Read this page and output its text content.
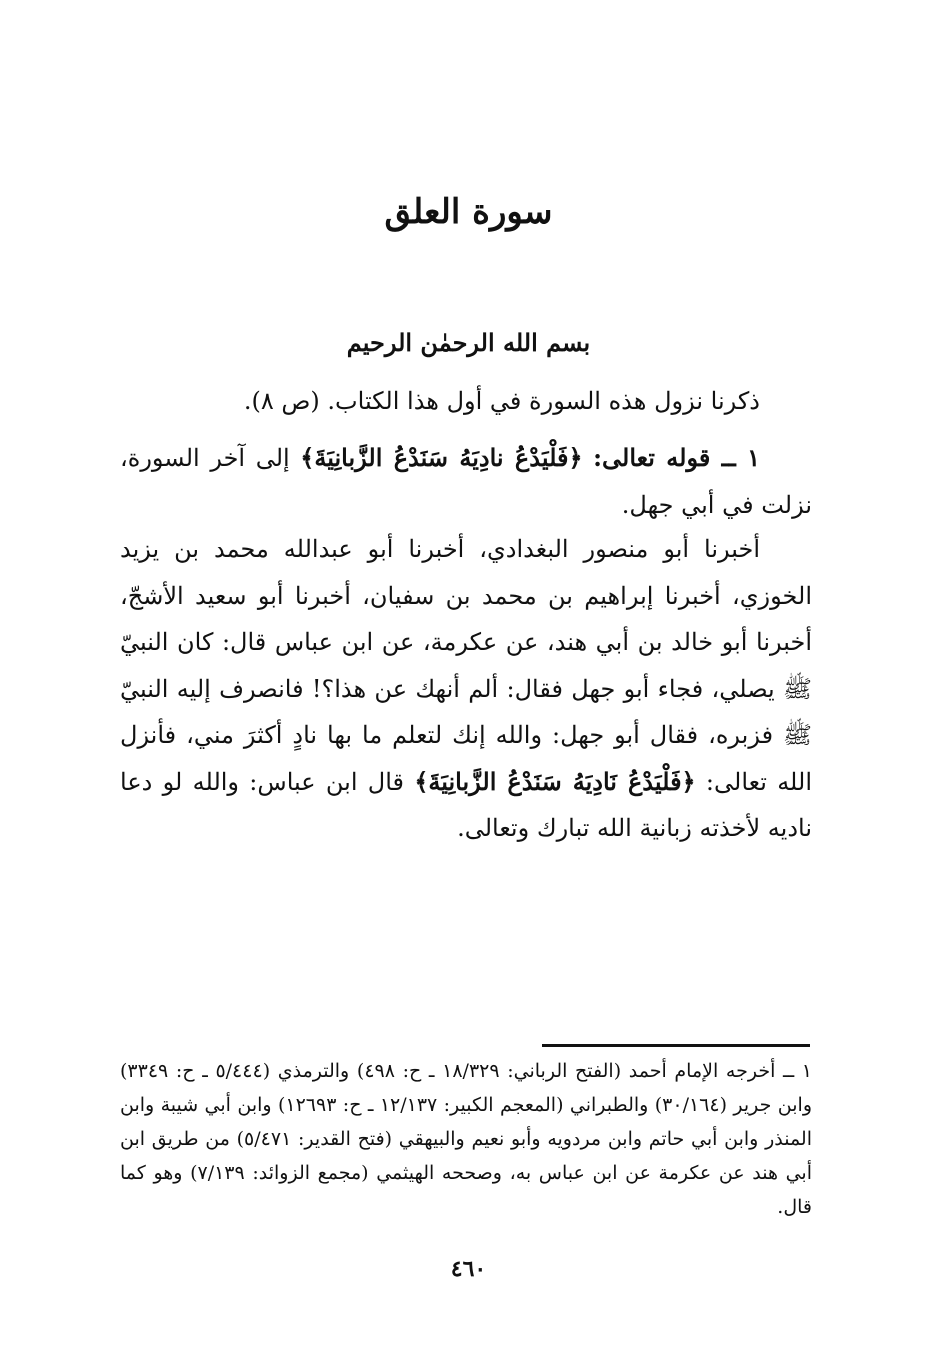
سورة العلق
بسم الله الرحمٰن الرحيم

ذكرنا نزول هذه السورة في أول هذا الكتاب. (ص ٨).

١ ــ قوله تعالى: ﴿فَلْيَدْعُ نادِيَهُ سَنَدْعُ الزَّبانِيَةَ﴾ إلى آخر السورة، نزلت في أبي جهل.

أخبرنا أبو منصور البغدادي، أخبرنا أبو عبدالله محمد بن يزيد الخوزي، أخبرنا إبراهيم بن محمد بن سفيان، أخبرنا أبو سعيد الأشجّ، أخبرنا أبو خالد بن أبي هند، عن عكرمة، عن ابن عباس قال: كان النبيّ ﷺ يصلي، فجاء أبو جهل فقال: ألم أنهك عن هذا؟! فانصرف إليه النبيّ ﷺ فزبره، فقال أبو جهل: والله إنك لتعلم ما بها نادٍ أكثرَ مني، فأنزل الله تعالى: ﴿فَلْيَدْعُ نَادِيَهُ سَنَدْعُ الزَّبانِيَةَ﴾ قال ابن عباس: والله لو دعا ناديه لأخذته زبانية الله تبارك وتعالى.

١ ــ أخرجه الإمام أحمد (الفتح الرباني: ١٨/٣٢٩ ـ ح: ٤٩٨) والترمذي (٥/٤٤٤ ـ ح: ٣٣٤٩) وابن جرير (٣٠/١٦٤) والطبراني (المعجم الكبير: ١٢/١٣٧ ـ ح: ١٢٦٩٣) وابن أبي شيبة وابن المنذر وابن أبي حاتم وابن مردويه وأبو نعيم والبيهقي (فتح القدير: ٥/٤٧١) من طريق ابن أبي هند عن عكرمة عن ابن عباس به، وصححه الهيثمي (مجمع الزوائد: ٧/١٣٩) وهو كما قال.

٤٦٠
